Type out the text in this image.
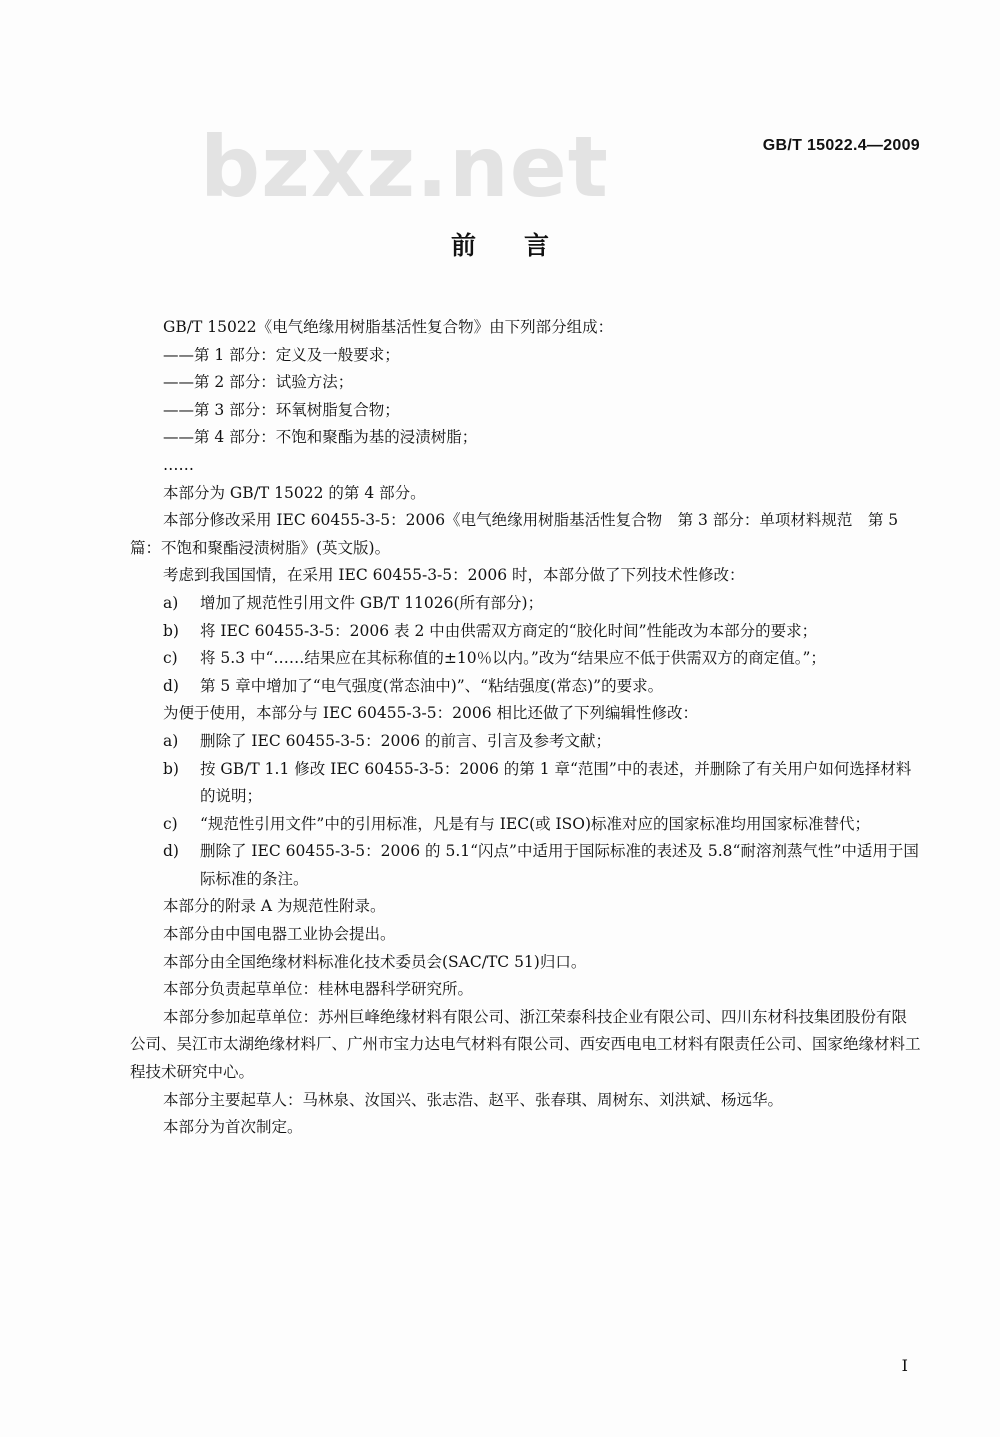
bzxz.net	GB/T 15022.4—2009
前言

GB/T 15022《电气绝缘用树脂基活性复合物》由下列部分组成：

——第 1 部分：定义及一般要求；

——第 2 部分：试验方法；

——第 3 部分：环氧树脂复合物；

——第 4 部分：不饱和聚酯为基的浸渍树脂；

……

本部分为 GB/T 15022 的第 4 部分。

本部分修改采用 IEC 60455-3-5：2006《电气绝缘用树脂基活性复合物　第 3 部分：单项材料规范　第 5 篇：不饱和聚酯浸渍树脂》(英文版)。

考虑到我国国情，在采用 IEC 60455-3-5：2006 时，本部分做了下列技术性修改：

a)	增加了规范性引用文件 GB/T 11026(所有部分)；
b)	将 IEC 60455-3-5：2006 表 2 中由供需双方商定的“胶化时间”性能改为本部分的要求；
c)	将 5.3 中“……结果应在其标称值的±10％以内。”改为“结果应不低于供需双方的商定值。”；
d)	第 5 章中增加了“电气强度(常态油中)”、“粘结强度(常态)”的要求。

为便于使用，本部分与 IEC 60455-3-5：2006 相比还做了下列编辑性修改：

a)	删除了 IEC 60455-3-5：2006 的前言、引言及参考文献；
b)	按 GB/T 1.1 修改 IEC 60455-3-5：2006 的第 1 章“范围”中的表述，并删除了有关用户如何选择材料的说明；
c)	“规范性引用文件”中的引用标准，凡是有与 IEC(或 ISO)标准对应的国家标准均用国家标准替代；
d)	删除了 IEC 60455-3-5：2006 的 5.1“闪点”中适用于国际标准的表述及 5.8“耐溶剂蒸气性”中适用于国际标准的条注。

本部分的附录 A 为规范性附录。

本部分由中国电器工业协会提出。

本部分由全国绝缘材料标准化技术委员会(SAC/TC 51)归口。

本部分负责起草单位：桂林电器科学研究所。

本部分参加起草单位：苏州巨峰绝缘材料有限公司、浙江荣泰科技企业有限公司、四川东材科技集团股份有限公司、吴江市太湖绝缘材料厂、广州市宝力达电气材料有限公司、西安西电电工材料有限责任公司、国家绝缘材料工程技术研究中心。

本部分主要起草人：马林泉、汝国兴、张志浩、赵平、张春琪、周树东、刘洪斌、杨远华。

本部分为首次制定。

I
